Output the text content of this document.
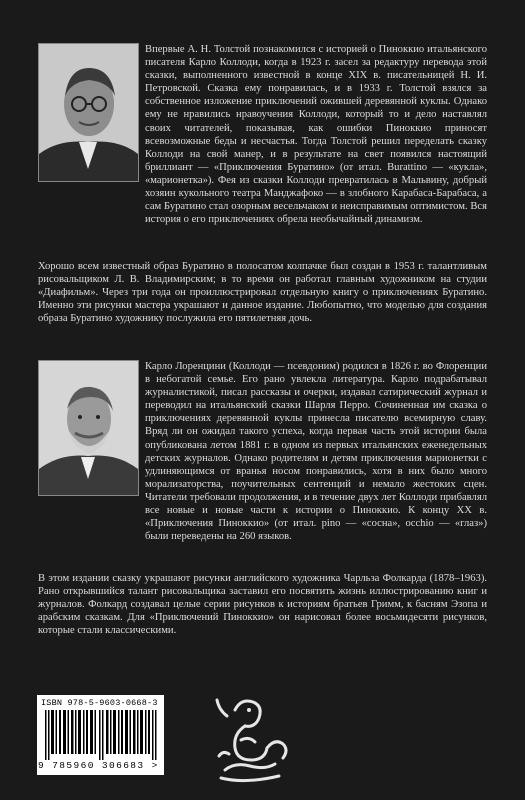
Впервые А. Н. Толстой познакомился с историей о Пиноккио итальянского писателя Карло Коллоди, когда в 1923 г. засел за редактуру перевода этой сказки, выполненного известной в конце XIX в. писательницей Н. И. Петровской. Сказка ему понравилась, и в 1933 г. Толстой взялся за собственное изложение приключений ожившей деревянной куклы. Однако ему не нравились нравоучения Коллоди, который то и дело наставлял своих читателей, показывая, как ошибки Пиноккио приносят всевозможные беды и несчастья. Тогда Толстой решил переделать сказку Коллоди на свой манер, и в результате на свет появился настоящий бриллиант — «Приключения Буратино» (от итал. Burattino — «кукла», «марионетка»). Фея из сказки Коллоди превратилась в Мальвину, добрый хозяин кукольного театра Манджафоко — в злобного Карабаса-Барабаса, а сам Буратино стал озорным весельчаком и неисправимым оптимистом. Вся история о его приключениях обрела необычайный динамизм.

Хорошо всем известный образ Буратино в полосатом колпачке был создан в 1953 г. талантливым рисовальщиком Л. В. Владимирским; в то время он работал главным художником на студии «Диафильм». Через три года он проиллюстрировал отдельную книгу о приключениях Буратино. Именно эти рисунки мастера украшают и данное издание. Любопытно, что моделью для создания образа Буратино художнику послужила его пятилетняя дочь.

Карло Лоренцини (Коллоди — псевдоним) родился в 1826 г. во Флоренции в небогатой семье. Его рано увлекла литература. Карло подрабатывал журналистикой, писал рассказы и очерки, издавал сатирический журнал и переводил на итальянский сказки Шарля Перро. Сочиненная им сказка о приключениях деревянной куклы принесла писателю всемирную славу. Вряд ли он ожидал такого успеха, когда первая часть этой истории была опубликована летом 1881 г. в одном из первых итальянских еженедельных детских журналов. Однако родителям и детям приключения марионетки с удлиняющимся от вранья носом понравились, хотя в них было много морализаторства, поучительных сентенций и немало жестоких сцен. Читатели требовали продолжения, и в течение двух лет Коллоди прибавлял все новые и новые части к истории о Пиноккио. К концу XX в. «Приключения Пиноккио» (от итал. pino — «сосна», occhio — «глаз») были переведены на 260 языков.

В этом издании сказку украшают рисунки английского художника Чарльза Фолкарда (1878–1963). Рано открывшийся талант рисовальщика заставил его посвятить жизнь иллюстрированию книг и журналов. Фолкард создавал целые серии рисунков к историям братьев Гримм, к басням Эзопа и арабским сказкам. Для «Приключений Пиноккио» он нарисовал более восьмидесяти рисунков, которые стали классическими.

ISBN 978-5-9603-0668-3
9 785960 306683 >
